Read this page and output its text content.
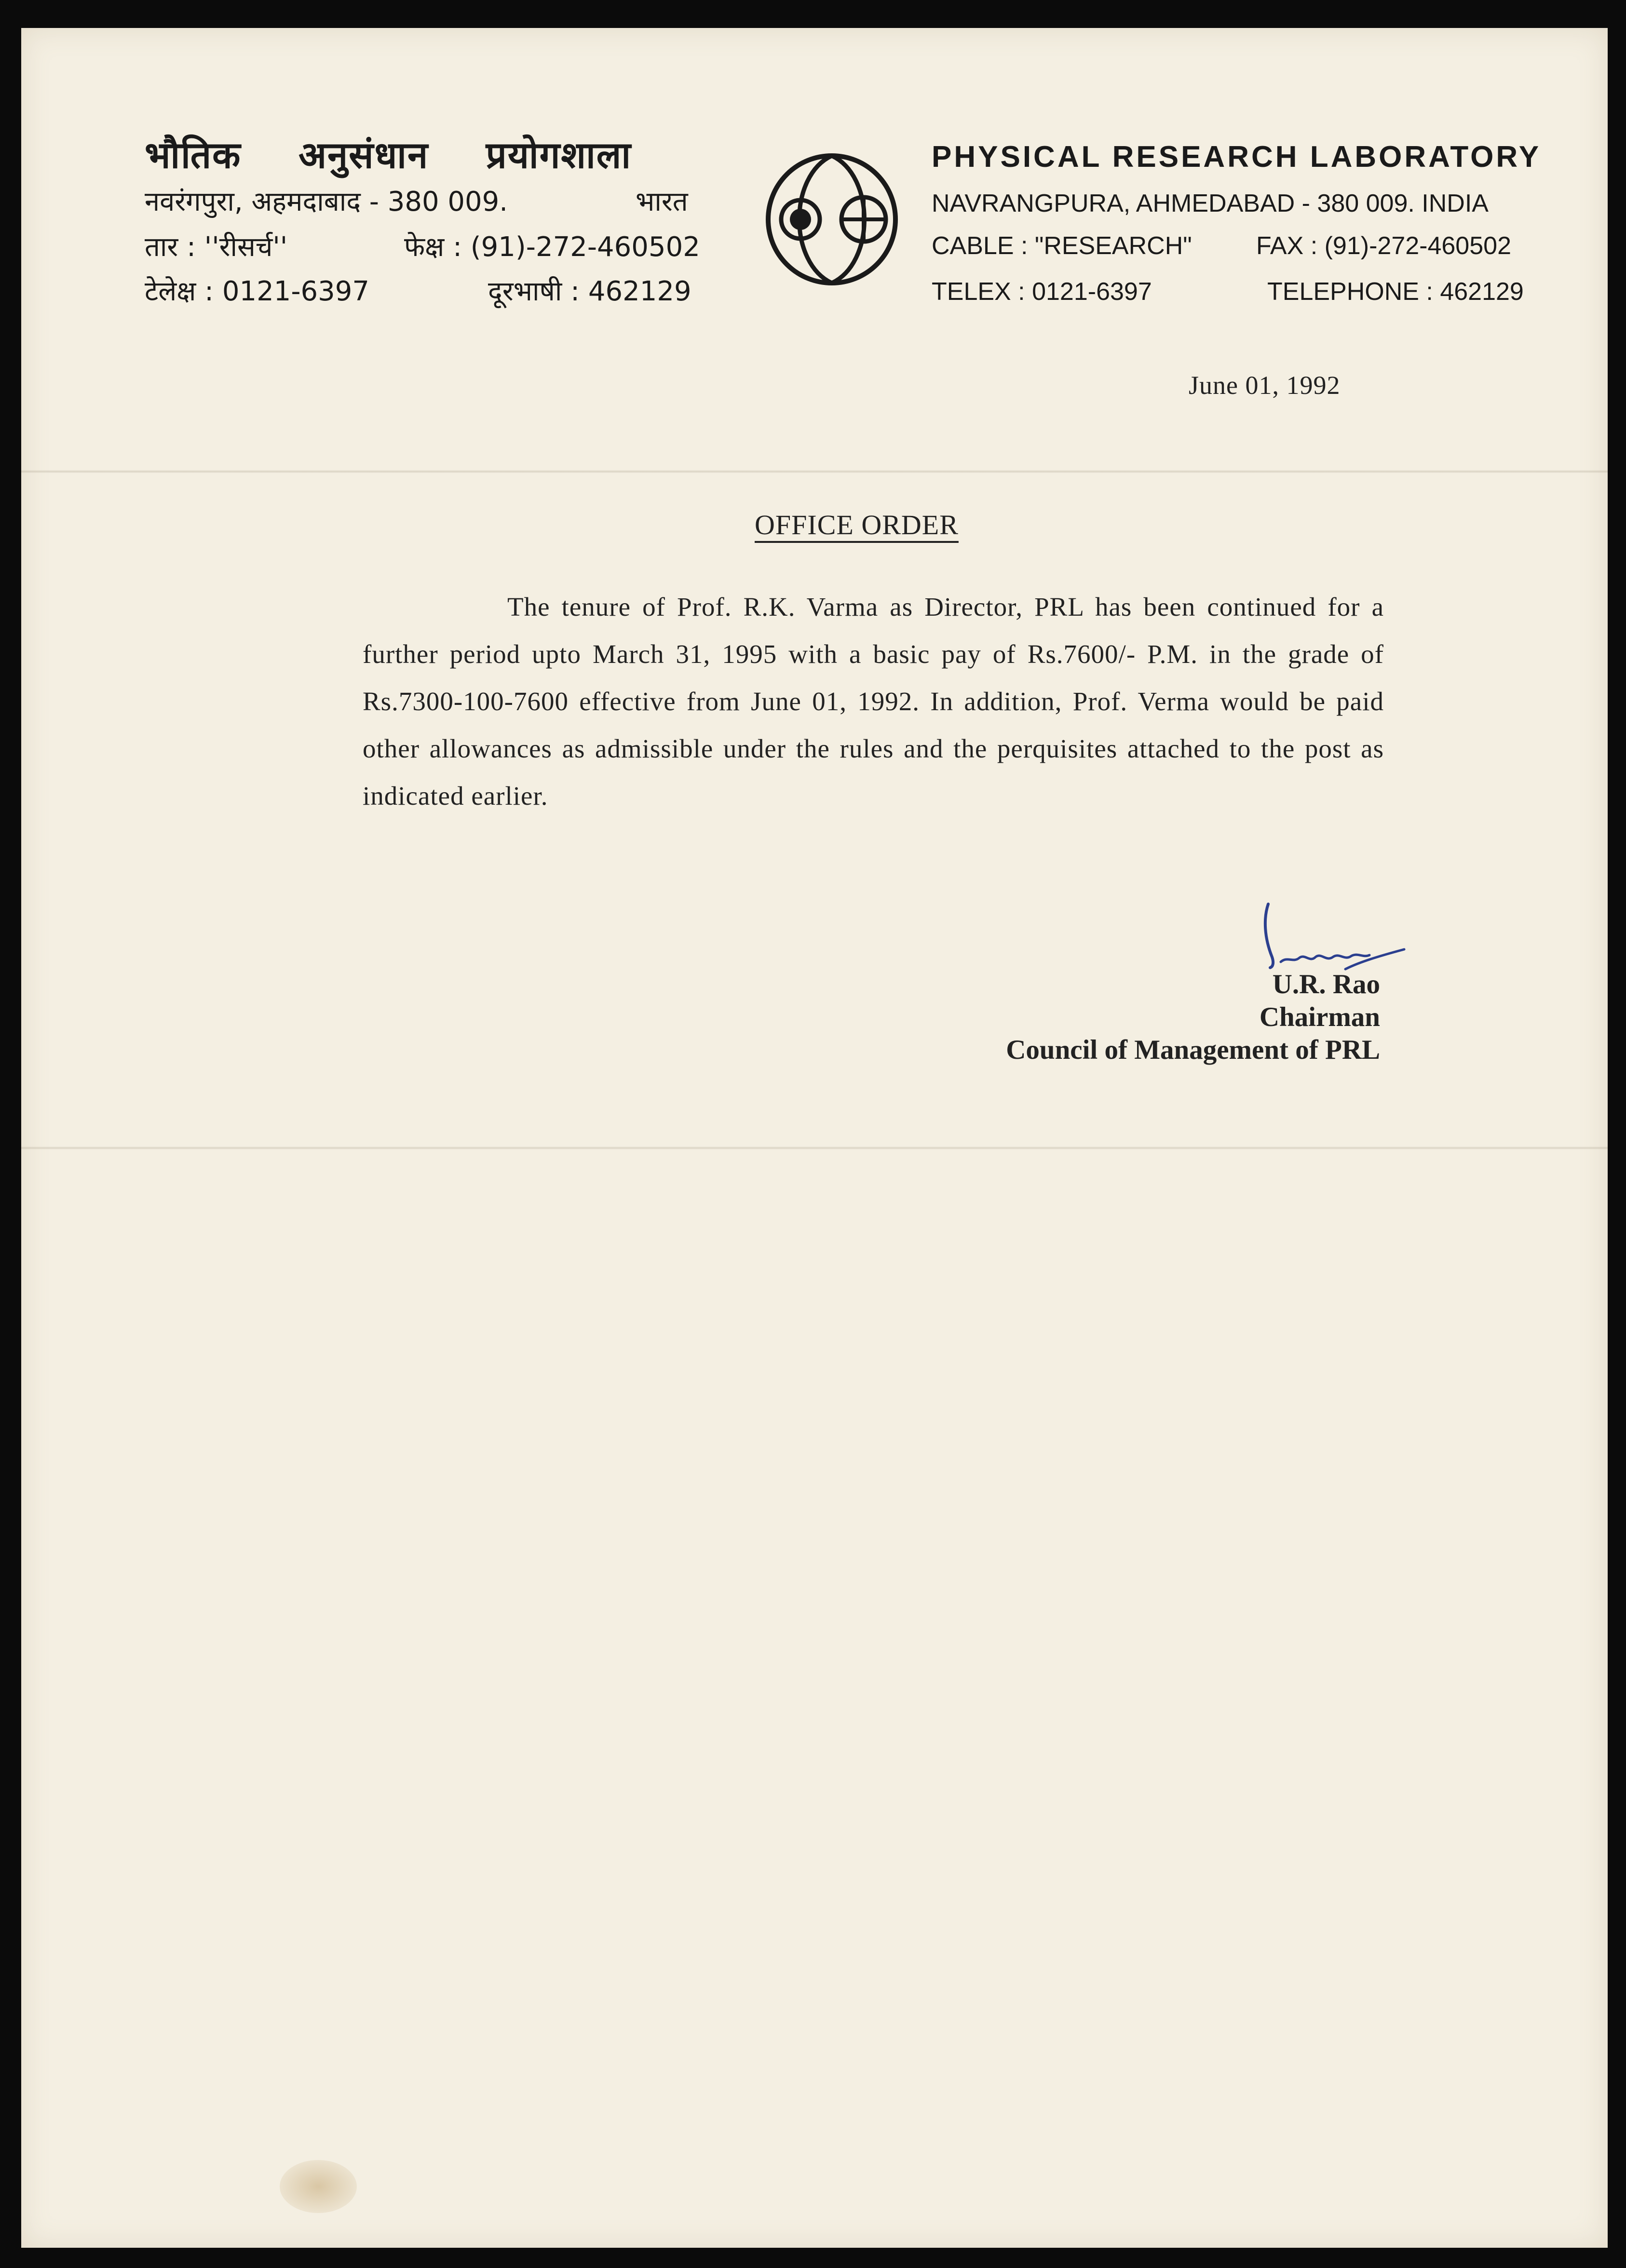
भौतिक अनुसंधान प्रयोगशाला
नवरंगपुरा, अहमदाबाद - 380 009.	भारत
तार : ''रीसर्च''	फेक्ष : (91)-272-460502
टेलेक्ष : 0121-6397	दूरभाषी : 462129
PHYSICAL RESEARCH LABORATORY
NAVRANGPURA, AHMEDABAD - 380 009. INDIA
CABLE : "RESEARCH"	FAX : (91)-272-460502
TELEX : 0121-6397	TELEPHONE : 462129
June 01, 1992
OFFICE ORDER

The tenure of Prof. R.K. Varma as Director, PRL has been continued for a further period upto March 31, 1995 with a basic pay of Rs.7600/- P.M. in the grade of Rs.7300-100-7600 effective from June 01, 1992. In addition, Prof. Verma would be paid other allowances as admissible under the rules and the perquisites attached to the post as indicated earlier.

U.R. Rao
Chairman
Council of Management of PRL
